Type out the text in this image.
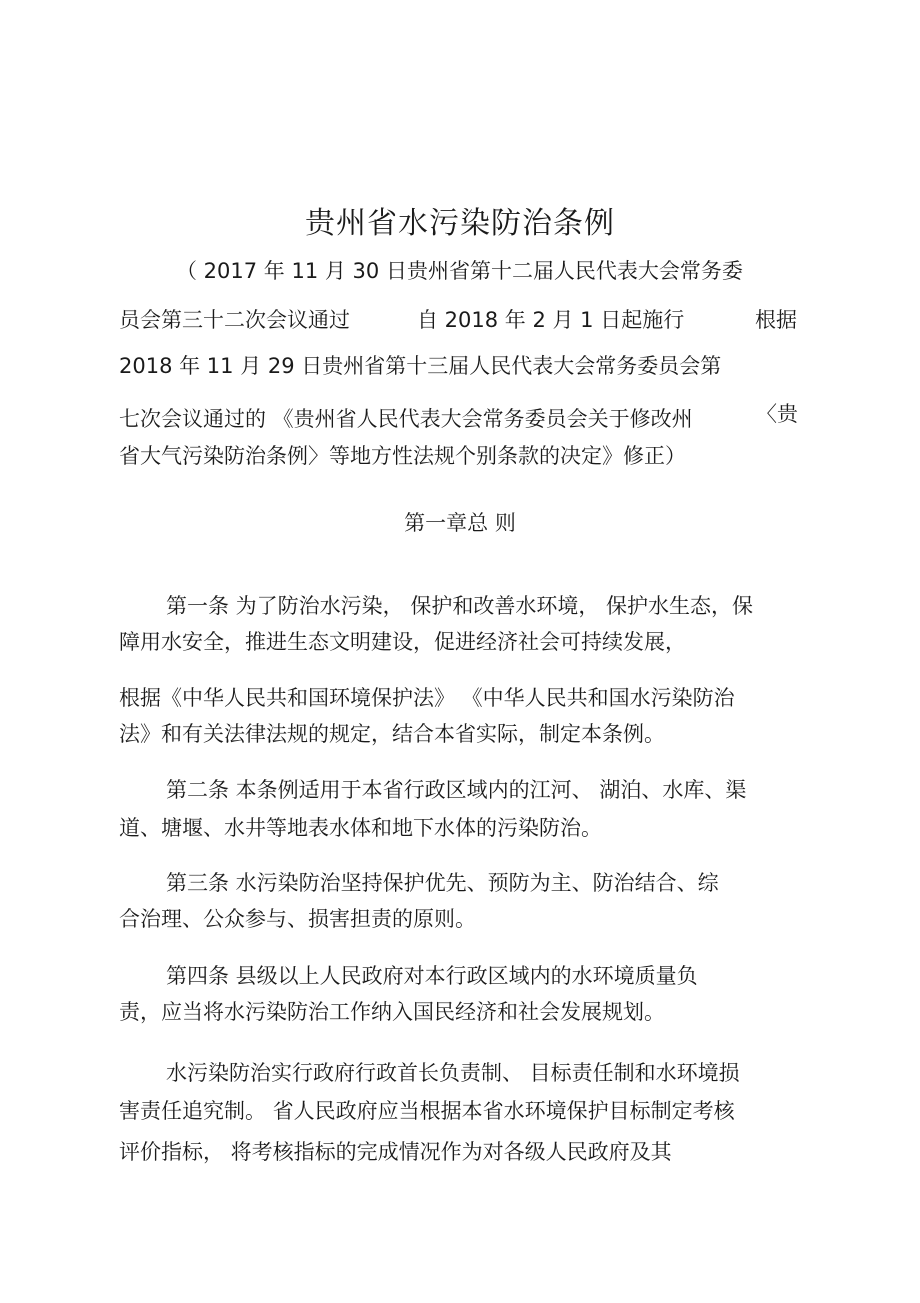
贵州省水污染防治条例

（ 2017 年 11 月 30 日贵州省第十二届人民代表大会常务委

员会第三十二次会议通过	自 2018 年 2 月 1 日起施行	根据

2018 年 11 月 29 日贵州省第十三届人民代表大会常务委员会第

七次会议通过的 《贵州省人民代表大会常务委员会关于修改州	〈贵

省大气污染防治条例〉等地方性法规个别条款的决定》修正）

第一章总 则

第一条 为了防治水污染， 保护和改善水环境， 保护水生态，保

障用水安全，推进生态文明建设，促进经济社会可持续发展，

根据《中华人民共和国环境保护法》 《中华人民共和国水污染防治

法》和有关法律法规的规定，结合本省实际，制定本条例。

第二条 本条例适用于本省行政区域内的江河、 湖泊、水库、渠

道、塘堰、水井等地表水体和地下水体的污染防治。

第三条 水污染防治坚持保护优先、预防为主、防治结合、综

合治理、公众参与、损害担责的原则。

第四条 县级以上人民政府对本行政区域内的水环境质量负

责，应当将水污染防治工作纳入国民经济和社会发展规划。

水污染防治实行政府行政首长负责制、 目标责任制和水环境损

害责任追究制。 省人民政府应当根据本省水环境保护目标制定考核

评价指标， 将考核指标的完成情况作为对各级人民政府及其
